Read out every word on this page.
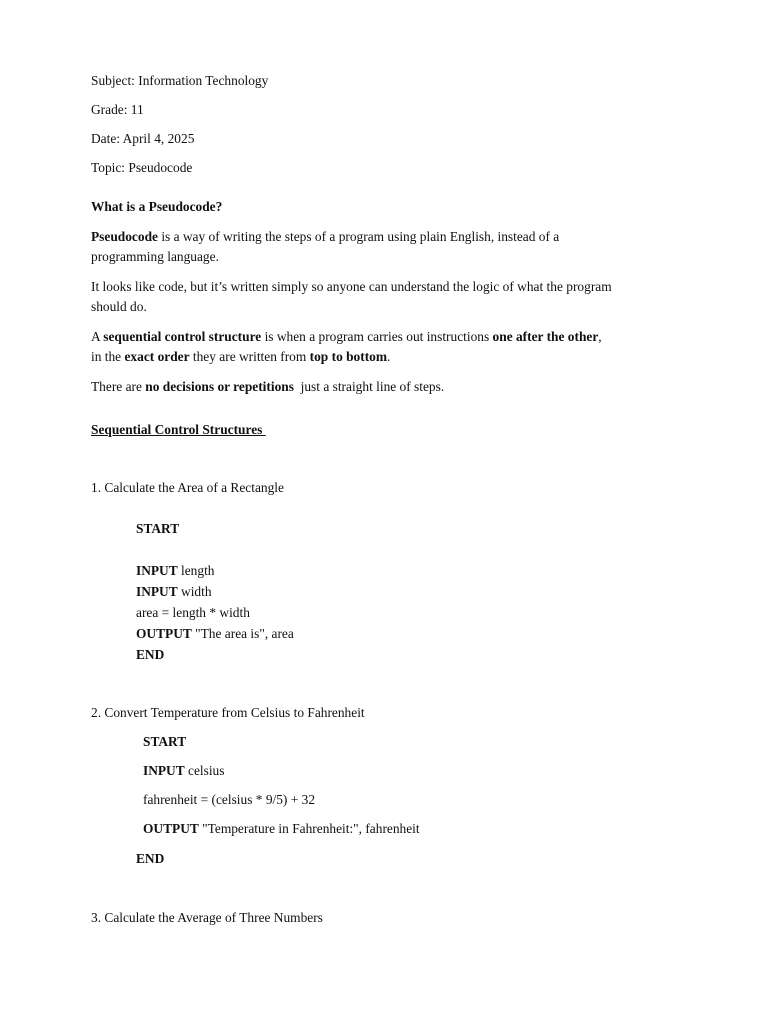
Subject: Information Technology
Grade: 11
Date: April 4, 2025
Topic: Pseudocode
What is a Pseudocode?
Pseudocode is a way of writing the steps of a program using plain English, instead of a
programming language.
It looks like code, but it’s written simply so anyone can understand the logic of what the program
should do.
A sequential control structure is when a program carries out instructions one after the other,
in the exact order they are written from top to bottom.
There are no decisions or repetitions  just a straight line of steps.
Sequential Control Structures
1. Calculate the Area of a Rectangle
START
INPUT length
INPUT width
area = length * width
OUTPUT "The area is", area
END
2. Convert Temperature from Celsius to Fahrenheit
START
INPUT celsius
fahrenheit = (celsius * 9/5) + 32
OUTPUT "Temperature in Fahrenheit:", fahrenheit
END
3. Calculate the Average of Three Numbers
